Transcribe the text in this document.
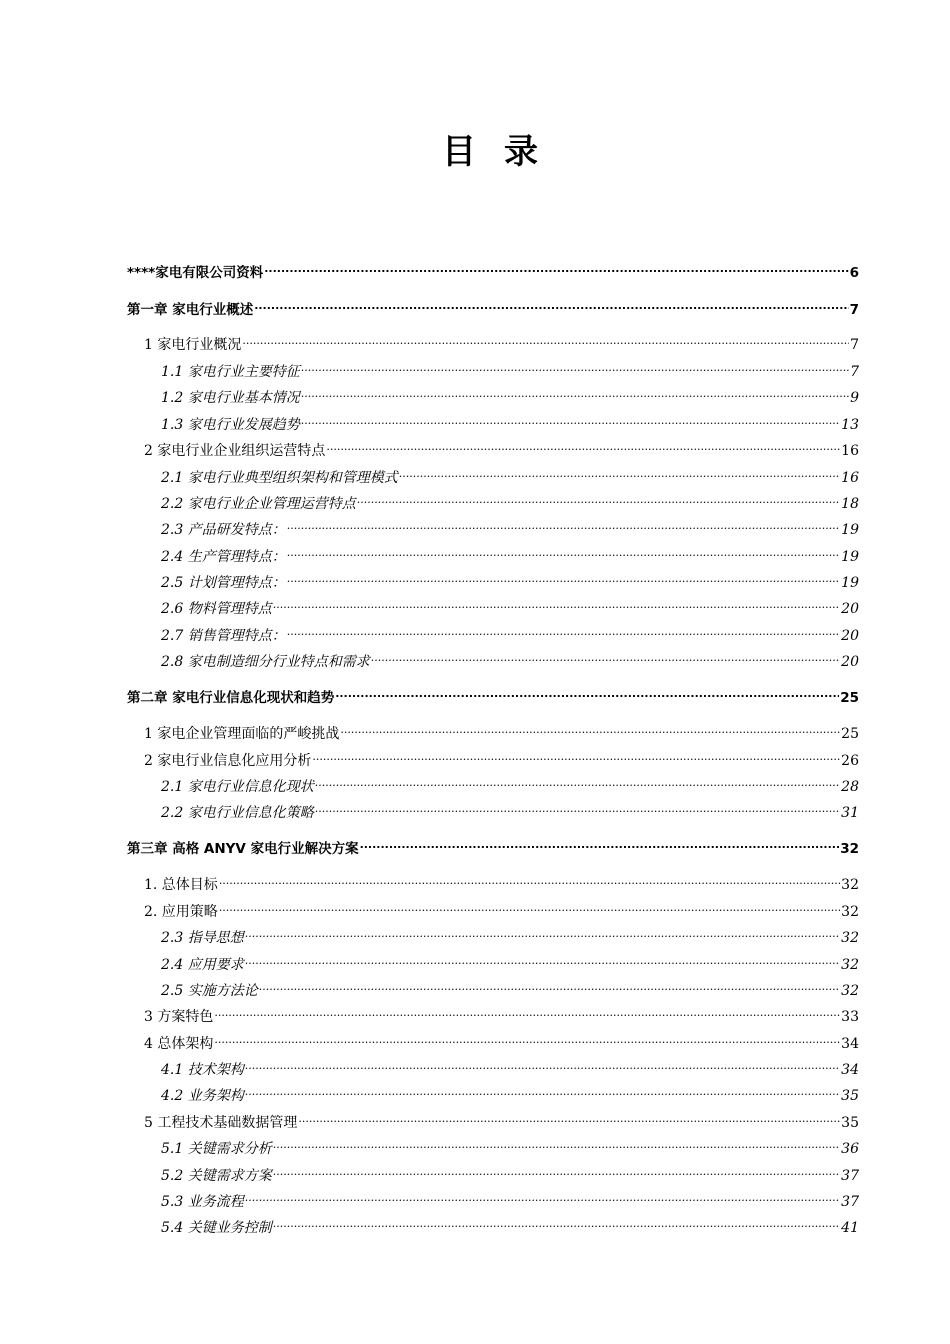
目录
****家电有限公司资料 .....	6
第一章 家电行业概述 .....	7
1 家电行业概况 .....	7
1.1 家电行业主要特征 .....	7
1.2 家电行业基本情况 .....	9
1.3 家电行业发展趋势 .....	13
2 家电行业企业组织运营特点 .....	16
2.1 家电行业典型组织架构和管理模式 .....	16
2.2 家电行业企业管理运营特点 .....	18
2.3 产品研发特点： .....	19
2.4 生产管理特点： .....	19
2.5 计划管理特点： .....	19
2.6 物料管理特点 .....	20
2.7 销售管理特点： .....	20
2.8 家电制造细分行业特点和需求 .....	20
第二章 家电行业信息化现状和趋势 .....	25
1 家电企业管理面临的严峻挑战 .....	25
2 家电行业信息化应用分析 .....	26
2.1 家电行业信息化现状 .....	28
2.2 家电行业信息化策略 .....	31
第三章 高格 ANYV 家电行业解决方案 .....	32
1. 总体目标 .....	32
2. 应用策略 .....	32
2.3 指导思想 .....	32
2.4 应用要求 .....	32
2.5 实施方法论 .....	32
3 方案特色 .....	33
4 总体架构 .....	34
4.1 技术架构 .....	34
4.2 业务架构 .....	35
5 工程技术基础数据管理 .....	35
5.1 关键需求分析 .....	36
5.2 关键需求方案 .....	37
5.3 业务流程 .....	37
5.4 关键业务控制 .....	41
